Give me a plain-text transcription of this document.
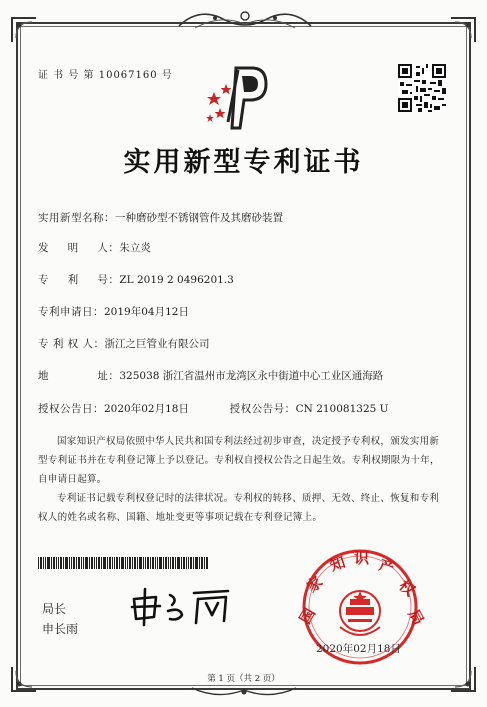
证 书 号 第 10067160 号
实用新型专利证书
实用新型名称：一种磨砂型不锈钢管件及其磨砂装置
发 　 明 　 人：朱立炎
专 　 利 　 号：ZL 2019 2 0496201.3
专利申请日：2019年04月12日
专 利 权 人：浙江之巨管业有限公司
地 　 　 　 址：325038 浙江省温州市龙湾区永中街道中心工业区通海路
授权公告日：2020年02月18日	授权公告号：CN 210081325 U
国家知识产权局依照中华人民共和国专利法经过初步审查，决定授予专利权，颁发实用新型专利证书并在专利登记簿上予以登记。专利权自授权公告之日起生效。专利权期限为十年，自申请日起算。
专利证书记载专利权登记时的法律状况。专利权的转移、质押、无效、终止、恢复和专利权人的姓名或名称、国籍、地址变更等事项记载在专利登记簿上。
局长
申长雨
国
家
知 识 产
权
局
2020年02月18日
第 1 页（共 2 页）
